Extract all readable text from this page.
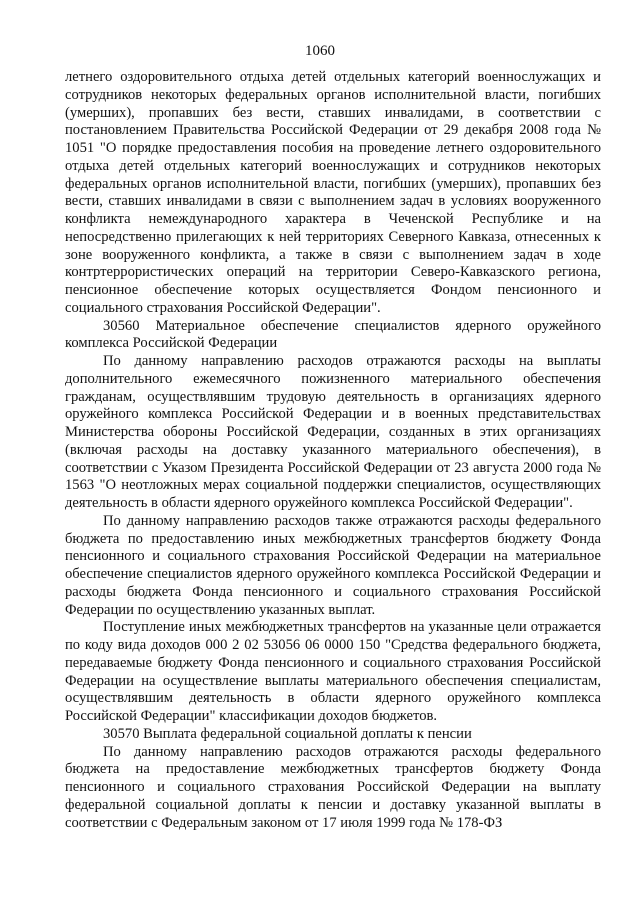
1060

летнего оздоровительного отдыха детей отдельных категорий военнослужащих и сотрудников некоторых федеральных органов исполнительной власти, погибших (умерших), пропавших без вести, ставших инвалидами, в соответствии с постановлением Правительства Российской Федерации от 29 декабря 2008 года № 1051 "О порядке предоставления пособия на проведение летнего оздоровительного отдыха детей отдельных категорий военнослужащих и сотрудников некоторых федеральных органов исполнительной власти, погибших (умерших), пропавших без вести, ставших инвалидами в связи с выполнением задач в условиях вооруженного конфликта немеждународного характера в Чеченской Республике и на непосредственно прилегающих к ней территориях Северного Кавказа, отнесенных к зоне вооруженного конфликта, а также в связи с выполнением задач в ходе контртеррористических операций на территории Северо-Кавказского региона, пенсионное обеспечение которых осуществляется Фондом пенсионного и социального страхования Российской Федерации".

30560 Материальное обеспечение специалистов ядерного оружейного комплекса Российской Федерации

По данному направлению расходов отражаются расходы на выплаты дополнительного ежемесячного пожизненного материального обеспечения гражданам, осуществлявшим трудовую деятельность в организациях ядерного оружейного комплекса Российской Федерации и в военных представительствах Министерства обороны Российской Федерации, созданных в этих организациях (включая расходы на доставку указанного материального обеспечения), в соответствии с Указом Президента Российской Федерации от 23 августа 2000 года № 1563 "О неотложных мерах социальной поддержки специалистов, осуществляющих деятельность в области ядерного оружейного комплекса Российской Федерации".

По данному направлению расходов также отражаются расходы федерального бюджета по предоставлению иных межбюджетных трансфертов бюджету Фонда пенсионного и социального страхования Российской Федерации на материальное обеспечение специалистов ядерного оружейного комплекса Российской Федерации и расходы бюджета Фонда пенсионного и социального страхования Российской Федерации по осуществлению указанных выплат.

Поступление иных межбюджетных трансфертов на указанные цели отражается по коду вида доходов 000 2 02 53056 06 0000 150 "Средства федерального бюджета, передаваемые бюджету Фонда пенсионного и социального страхования Российской Федерации на осуществление выплаты материального обеспечения специалистам, осуществлявшим деятельность в области ядерного оружейного комплекса Российской Федерации" классификации доходов бюджетов.

30570 Выплата федеральной социальной доплаты к пенсии

По данному направлению расходов отражаются расходы федерального бюджета на предоставление межбюджетных трансфертов бюджету Фонда пенсионного и социального страхования Российской Федерации на выплату федеральной социальной доплаты к пенсии и доставку указанной выплаты в соответствии с Федеральным законом от 17 июля 1999 года № 178-ФЗ
